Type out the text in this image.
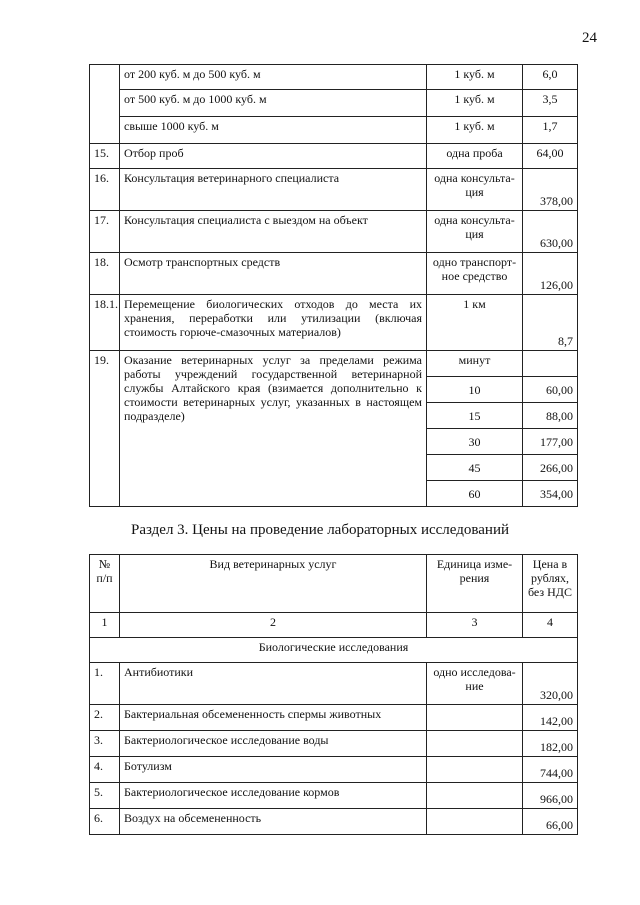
24
	от 200 куб. м до 500 куб. м	1 куб. м	6,0
	от 500 куб. м до 1000 куб. м	1 куб. м	3,5
	свыше 1000 куб. м	1 куб. м	1,7
15.	Отбор проб	одна проба	64,00
16.	Консультация ветеринарного специалиста	одна консульта-ция	378,00
17.	Консультация специалиста с выездом на объект	одна консульта-ция	630,00
18.	Осмотр транспортных средств	одно транспорт-ное средство	126,00
18.1.	Перемещение биологических отходов до места их хранения, переработки или утилизации (включая стоимость горюче-смазочных материалов)	1 км	8,7
19.	Оказание ветеринарных услуг за пределами режима работы учреждений государственной ветеринарной службы Алтайского края (взимается дополнительно к стоимости ветеринарных услуг, указанных в настоящем подразделе)	минут	
		10	60,00
		15	88,00
		30	177,00
		45	266,00
		60	354,00
Раздел 3. Цены на проведение лабораторных исследований
№ п/п	Вид ветеринарных услуг	Единица изме-рения	Цена в рублях, без НДС
1	2	3	4
Биологические исследования			
1.	Антибиотики	одно исследова-ние	320,00
2.	Бактериальная обсемененность спермы животных		142,00
3.	Бактериологическое исследование воды		182,00
4.	Ботулизм		744,00
5.	Бактериологическое исследование кормов		966,00
6.	Воздух на обсемененность		66,00
